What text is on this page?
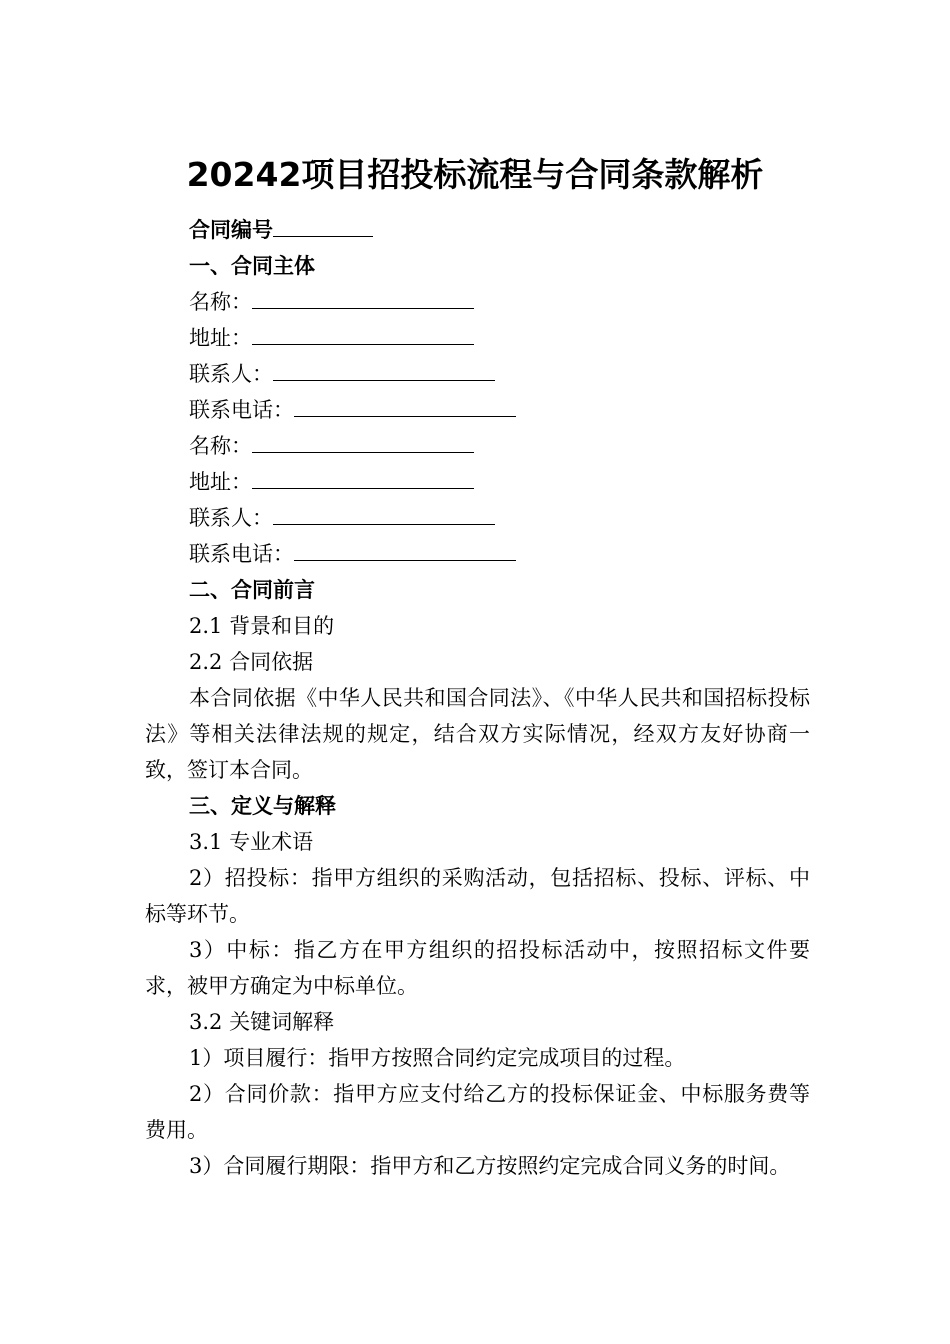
20242项目招投标流程与合同条款解析

合同编号

一、合同主体

名称：

地址：

联系人：

联系电话：

名称：

地址：

联系人：

联系电话：

二、合同前言

2.1 背景和目的

2.2 合同依据

本合同依据《中华人民共和国合同法》、《中华人民共和国招标投标法》等相关法律法规的规定，结合双方实际情况，经双方友好协商一致，签订本合同。

三、定义与解释

3.1 专业术语

2）招投标：指甲方组织的采购活动，包括招标、投标、评标、中标等环节。

3）中标：指乙方在甲方组织的招投标活动中，按照招标文件要求，被甲方确定为中标单位。

3.2 关键词解释

1）项目履行：指甲方按照合同约定完成项目的过程。

2）合同价款：指甲方应支付给乙方的投标保证金、中标服务费等费用。

3）合同履行期限：指甲方和乙方按照约定完成合同义务的时间。
